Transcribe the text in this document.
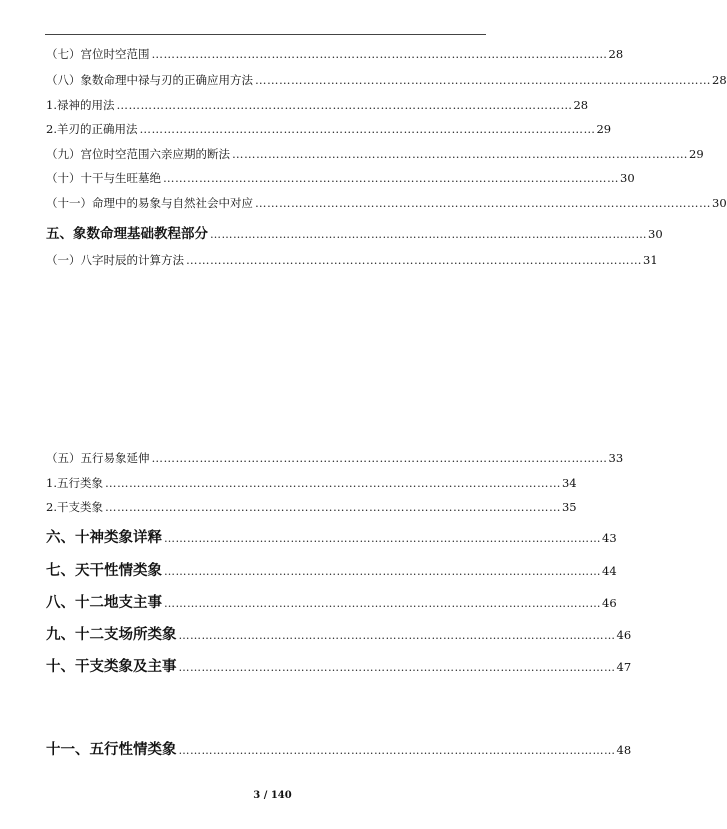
（七）宫位时空范围 …………………………………………………………………………………………………… 28
（八）象数命理中禄与刃的正确应用方法 …………………………………………………………………………………………………… 28
1.禄神的用法 …………………………………………………………………………………………………… 28
2.羊刃的正确用法 …………………………………………………………………………………………………… 29
（九）宫位时空范围六亲应期的断法 …………………………………………………………………………………………………… 29
（十）十干与生旺墓绝 …………………………………………………………………………………………………… 30
（十一）命理中的易象与自然社会中对应 …………………………………………………………………………………………………… 30
五、象数命理基础教程部分 …………………………………………………………………………………………………… 30
（一）八字时辰的计算方法 …………………………………………………………………………………………………… 31
（五）五行易象延伸 …………………………………………………………………………………………………… 33
1.五行类象 …………………………………………………………………………………………………… 34
2.干支类象 …………………………………………………………………………………………………… 35
六、十神类象详释 …………………………………………………………………………………………………… 43
七、天干性情类象 …………………………………………………………………………………………………… 44
八、十二地支主事 …………………………………………………………………………………………………… 46
九、十二支场所类象 …………………………………………………………………………………………………… 46
十、干支类象及主事 …………………………………………………………………………………………………… 47
十一、五行性情类象 …………………………………………………………………………………………………… 48
3 / 140
